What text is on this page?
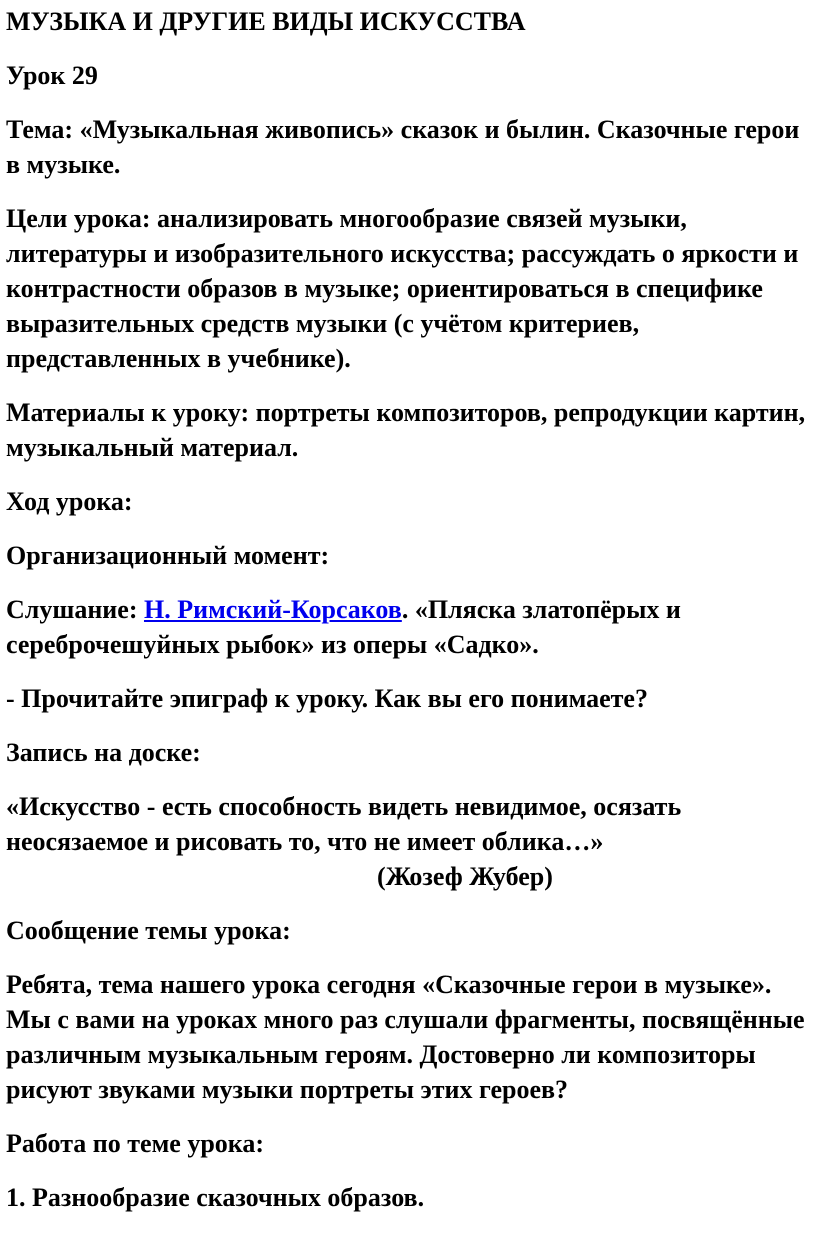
МУЗЫКА И ДРУГИЕ ВИДЫ ИСКУССТВА
Урок 29
Тема: «Музыкальная живопись» сказок и былин. Сказочные герои в музыке.
Цели урока: анализировать многообразие связей музыки, литературы и изобразительного искусства; рассуждать о яркости и контрастности образов в музыке; ориентироваться в специфике выразительных средств музыки (с учётом критериев, представленных в учебнике).
Материалы к уроку: портреты композиторов, репродукции картин, музыкальный материал.
Ход урока:
Организационный момент:
Слушание: Н. Римский-Корсаков. «Пляска златопёрых и сереброчешуйных рыбок» из оперы «Садко».
- Прочитайте эпиграф к уроку. Как вы его понимаете?
Запись на доске:
«Искусство - есть способность видеть невидимое, осязать неосязаемое и рисовать то, что не имеет облика…»
(Жозеф Жубер)
Сообщение темы урока:
Ребята, тема нашего урока сегодня «Сказочные герои в музыке». Мы с вами на уроках много раз слушали фрагменты, посвящённые различным музыкальным героям. Достоверно ли композиторы рисуют звуками музыки портреты этих героев?
Работа по теме урока:
1. Разнообразие сказочных образов.
